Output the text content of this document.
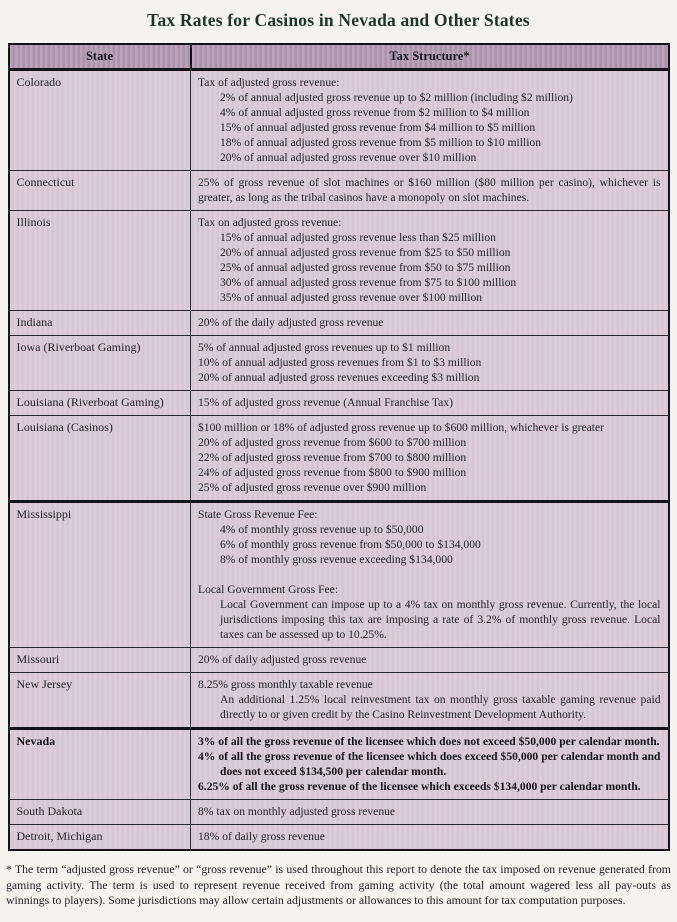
Tax Rates for Casinos in Nevada and Other States
State	Tax Structure*
Colorado	Tax of adjusted gross revenue:
2% of annual adjusted gross revenue up to $2 million (including $2 million)
4% of annual adjusted gross revenue from $2 million to $4 million
15% of annual adjusted gross revenue from $4 million to $5 million
18% of annual adjusted gross revenue from $5 million to $10 million
20% of annual adjusted gross revenue over $10 million

Connecticut	25% of gross revenue of slot machines or $160 million ($80 million per casino), whichever is greater, as long as the tribal casinos have a monopoly on slot machines.

Illinois	Tax on adjusted gross revenue:
15% of annual adjusted gross revenue less than $25 million
20% of annual adjusted gross revenue from $25 to $50 million
25% of annual adjusted gross revenue from $50 to $75 million
30% of annual adjusted gross revenue from $75 to $100 million
35% of annual adjusted gross revenue over $100 million

Indiana	20% of the daily adjusted gross revenue

Iowa (Riverboat Gaming)	5% of annual adjusted gross revenues up to $1 million
10% of annual adjusted gross revenues from $1 to $3 million
20% of annual adjusted gross revenues exceeding $3 million

Louisiana (Riverboat Gaming)	15% of adjusted gross revenue (Annual Franchise Tax)

Louisiana (Casinos)	$100 million or 18% of adjusted gross revenue up to $600 million, whichever is greater
20% of adjusted gross revenue from $600 to $700 million
22% of adjusted gross revenue from $700 to $800 million
24% of adjusted gross revenue from $800 to $900 million
25% of adjusted gross revenue over $900 million

Mississippi	State Gross Revenue Fee:
4% of monthly gross revenue up to $50,000
6% of monthly gross revenue from $50,000 to $134,000
8% of monthly gross revenue exceeding $134,000
Local Government Gross Fee:
Local Government can impose up to a 4% tax on monthly gross revenue. Currently, the local jurisdictions imposing this tax are imposing a rate of 3.2% of monthly gross revenue. Local taxes can be assessed up to 10.25%.

Missouri	20% of daily adjusted gross revenue

New Jersey	8.25% gross monthly taxable revenue
An additional 1.25% local reinvestment tax on monthly gross taxable gaming revenue paid directly to or given credit by the Casino Reinvestment Development Authority.

Nevada	3% of all the gross revenue of the licensee which does not exceed $50,000 per calendar month.
4% of all the gross revenue of the licensee which does exceed $50,000 per calendar month and does not exceed $134,500 per calendar month.
6.25% of all the gross revenue of the licensee which exceeds $134,000 per calendar month.

South Dakota	8% tax on monthly adjusted gross revenue

Detroit, Michigan	18% of daily gross revenue

* The term “adjusted gross revenue” or “gross revenue” is used throughout this report to denote the tax imposed on revenue generated from gaming activity. The term is used to represent revenue received from gaming activity (the total amount wagered less all pay-outs as winnings to players). Some jurisdictions may allow certain adjustments or allowances to this amount for tax computation purposes.
